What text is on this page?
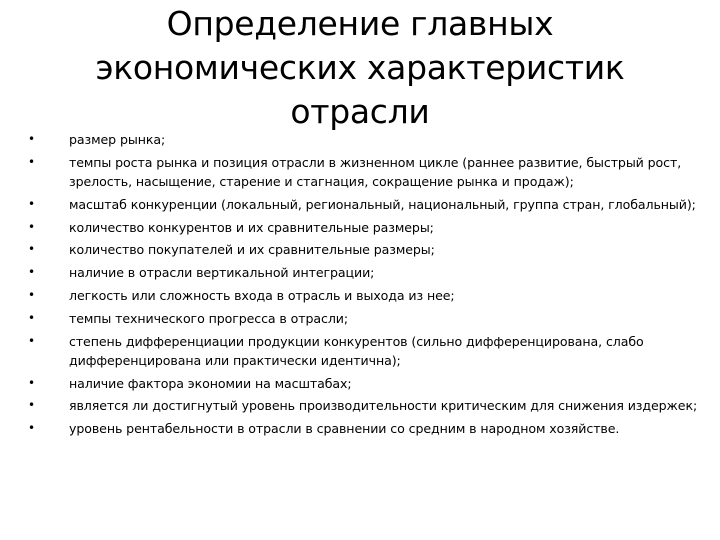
Определение главных экономических характеристик отрасли
•	размер рынка;
•	темпы роста рынка и позиция отрасли в жизненном цикле (раннее развитие, быстрый рост, зрелость, насыщение, старение и стагнация, сокращение рынка и продаж);
•	масштаб конкуренции (локальный, региональный, национальный, группа стран, глобальный);
•	количество конкурентов и их сравнительные размеры;
•	количество покупателей и их сравнительные размеры;
•	наличие в отрасли вертикальной интеграции;
•	легкость или сложность входа в отрасль и выхода из нее;
•	темпы технического прогресса в отрасли;
•	степень дифференциации продукции конкурентов (сильно дифференцирована, слабо дифференцирована или практически идентична);
•	наличие фактора экономии на масштабах;
•	является ли достигнутый уровень производительности критическим для снижения издержек;
•	уровень рентабельности в отрасли в сравнении со средним в народном хозяйстве.
